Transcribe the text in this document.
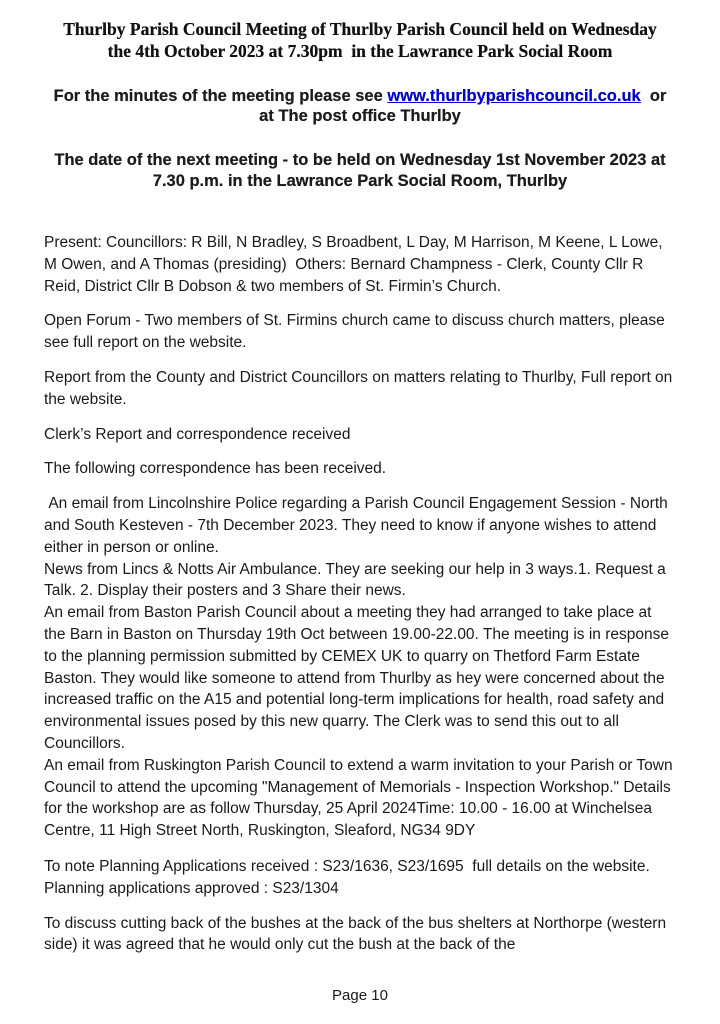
Thurlby Parish Council Meeting of Thurlby Parish Council held on Wednesday the 4th October 2023 at 7.30pm  in the Lawrance Park Social Room
For the minutes of the meeting please see www.thurlbyparishcouncil.co.uk  or at The post office Thurlby
The date of the next meeting - to be held on Wednesday 1st November 2023 at 7.30 p.m. in the Lawrance Park Social Room, Thurlby

Present: Councillors: R Bill, N Bradley, S Broadbent, L Day, M Harrison, M Keene, L Lowe, M Owen, and A Thomas (presiding)  Others: Bernard Champness - Clerk, County Cllr R Reid, District Cllr B Dobson & two members of St. Firmin’s Church.

Open Forum - Two members of St. Firmins church came to discuss church matters, please see full report on the website.

Report from the County and District Councillors on matters relating to Thurlby, Full report on the website.

Clerk’s Report and correspondence received

The following correspondence has been received.

An email from Lincolnshire Police regarding a Parish Council Engagement Session - North and South Kesteven - 7th December 2023. They need to know if anyone wishes to attend either in person or online.

News from Lincs & Notts Air Ambulance. They are seeking our help in 3 ways.1. Request a Talk. 2. Display their posters and 3 Share their news.

An email from Baston Parish Council about a meeting they had arranged to take place at the Barn in Baston on Thursday 19th Oct between 19.00-22.00. The meeting is in response to the planning permission submitted by CEMEX UK to quarry on Thetford Farm Estate Baston. They would like someone to attend from Thurlby as hey were concerned about the increased traffic on the A15 and potential long-term implications for health, road safety and environmental issues posed by this new quarry. The Clerk was to send this out to all Councillors.

An email from Ruskington Parish Council to extend a warm invitation to your Parish or Town Council to attend the upcoming "Management of Memorials - Inspection Workshop." Details for the workshop are as follow Thursday, 25 April 2024Time: 10.00 - 16.00 at Winchelsea Centre, 11 High Street North, Ruskington, Sleaford, NG34 9DY

To note Planning Applications received : S23/1636, S23/1695  full details on the website. Planning applications approved : S23/1304

To discuss cutting back of the bushes at the back of the bus shelters at Northorpe (western side) it was agreed that he would only cut the bush at the back of the

Page 10
